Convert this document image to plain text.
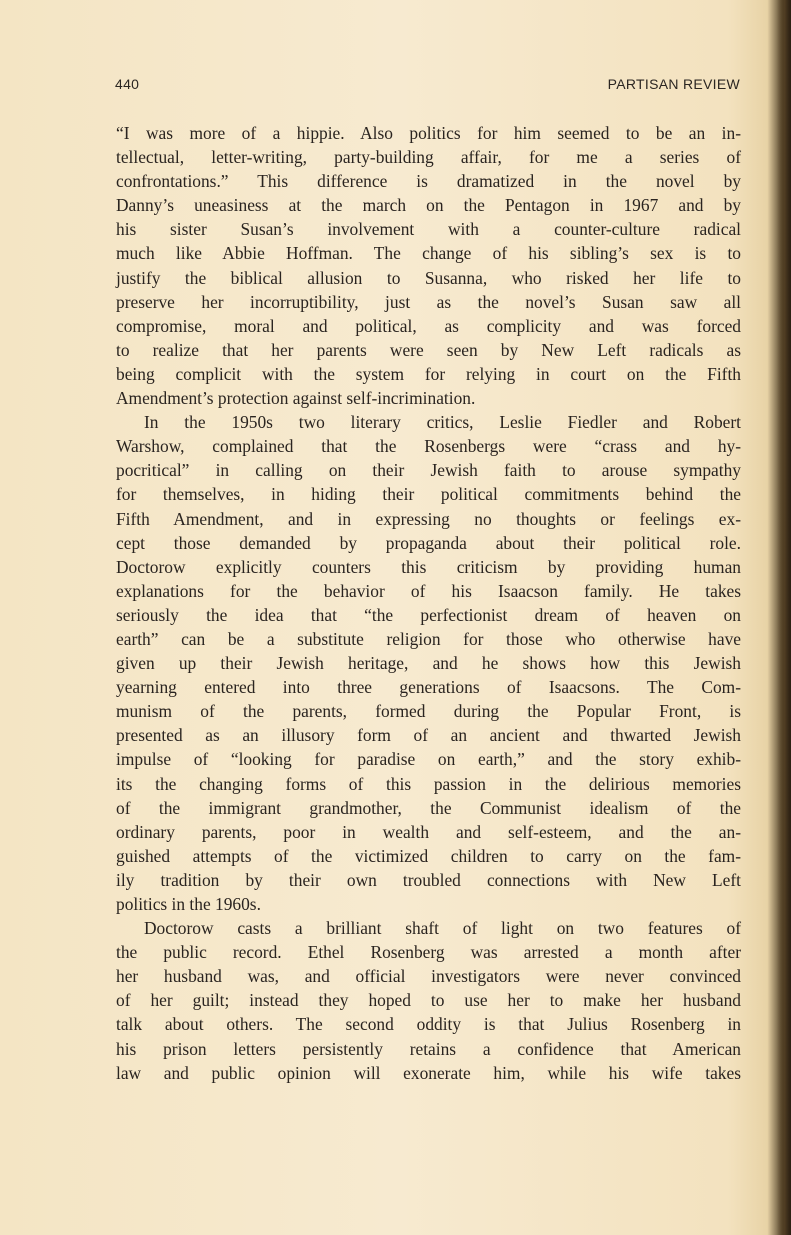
440	PARTISAN REVIEW
“I was more of a hippie. Also politics for him seemed to be an in-
tellectual, letter-writing, party-building affair, for me a series of
confrontations.” This difference is dramatized in the novel by
Danny’s uneasiness at the march on the Pentagon in 1967 and by
his sister Susan’s involvement with a counter-culture radical
much like Abbie Hoffman. The change of his sibling’s sex is to
justify the biblical allusion to Susanna, who risked her life to
preserve her incorruptibility, just as the novel’s Susan saw all
compromise, moral and political, as complicity and was forced
to realize that her parents were seen by New Left radicals as
being complicit with the system for relying in court on the Fifth
Amendment’s protection against self-incrimination.
In the 1950s two literary critics, Leslie Fiedler and Robert
Warshow, complained that the Rosenbergs were “crass and hy-
pocritical” in calling on their Jewish faith to arouse sympathy
for themselves, in hiding their political commitments behind the
Fifth Amendment, and in expressing no thoughts or feelings ex-
cept those demanded by propaganda about their political role.
Doctorow explicitly counters this criticism by providing human
explanations for the behavior of his Isaacson family. He takes
seriously the idea that “the perfectionist dream of heaven on
earth” can be a substitute religion for those who otherwise have
given up their Jewish heritage, and he shows how this Jewish
yearning entered into three generations of Isaacsons. The Com-
munism of the parents, formed during the Popular Front, is
presented as an illusory form of an ancient and thwarted Jewish
impulse of “looking for paradise on earth,” and the story exhib-
its the changing forms of this passion in the delirious memories
of the immigrant grandmother, the Communist idealism of the
ordinary parents, poor in wealth and self-esteem, and the an-
guished attempts of the victimized children to carry on the fam-
ily tradition by their own troubled connections with New Left
politics in the 1960s.
Doctorow casts a brilliant shaft of light on two features of
the public record. Ethel Rosenberg was arrested a month after
her husband was, and official investigators were never convinced
of her guilt; instead they hoped to use her to make her husband
talk about others. The second oddity is that Julius Rosenberg in
his prison letters persistently retains a confidence that American
law and public opinion will exonerate him, while his wife takes
